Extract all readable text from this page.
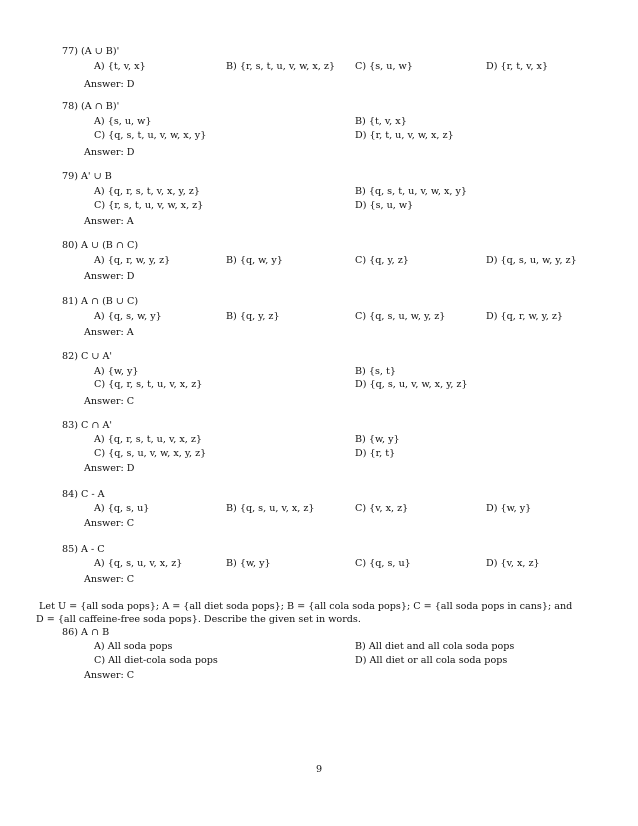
77) (A ∪ B)'
A) {t, v, x}	B) {r, s, t, u, v, w, x, z} C) {s, u, w}	D) {r, t, v, x}
Answer: D
78) (A ∩ B)'
A) {s, u, w}	B) {t, v, x}
C) {q, s, t, u, v, w, x, y}	D) {r, t, u, v, w, x, z}
Answer: D
79) A' ∪ B
A) {q, r, s, t, v, x, y, z}	B) {q, s, t, u, v, w, x, y}
C) {r, s, t, u, v, w, x, z}	D) {s, u, w}
Answer: A
80) A ∪ (B ∩ C)
A) {q, r, w, y, z}	B) {q, w, y}	C) {q, y, z}	D) {q, s, u, w, y, z}
Answer: D
81) A ∩ (B ∪ C)
A) {q, s, w, y}	B) {q, y, z}	C) {q, s, u, w, y, z}	D) {q, r, w, y, z}
Answer: A
82) C ∪ A'
A) {w, y}	B) {s, t}
C) {q, r, s, t, u, v, x, z}	D) {q, s, u, v, w, x, y, z}
Answer: C
83) C ∩ A'
A) {q, r, s, t, u, v, x, z}	B) {w, y}
C) {q, s, u, v, w, x, y, z}	D) {r, t}
Answer: D
84) C - A
A) {q, s, u}	B) {q, s, u, v, x, z}	C) {v, x, z}	D) {w, y}
Answer: C
85) A - C
A) {q, s, u, v, x, z}	B) {w, y}	C) {q, s, u}	D) {v, x, z}
Answer: C
Let U = {all soda pops}; A = {all diet soda pops}; B = {all cola soda pops}; C = {all soda pops in cans}; and
D = {all caffeine-free soda pops}. Describe the given set in words.
86) A ∩ B
A) All soda pops	B) All diet and all cola soda pops
C) All diet-cola soda pops	D) All diet or all cola soda pops
Answer: C
9
